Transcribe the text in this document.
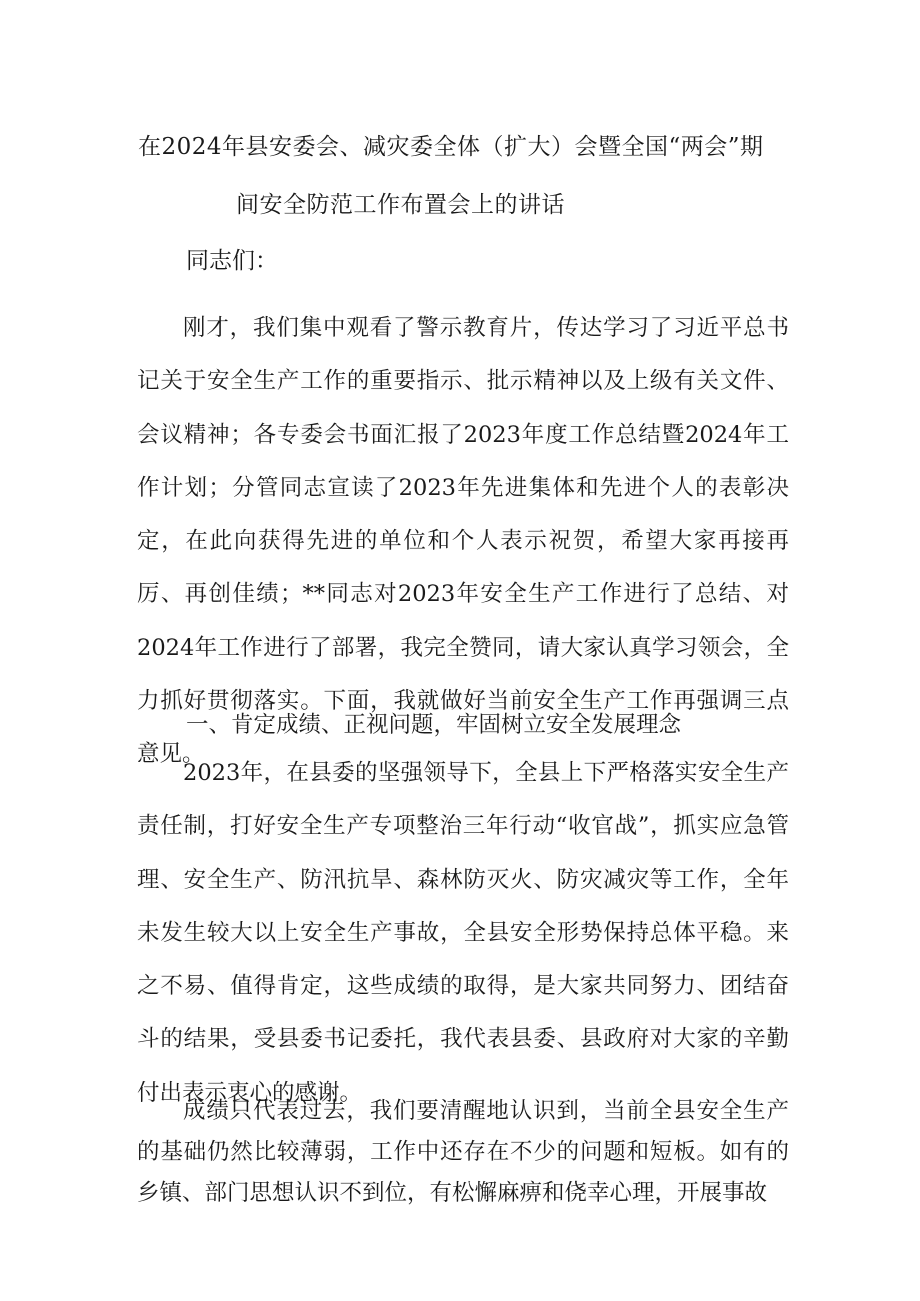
在2024年县安委会、减灾委全体（扩大）会暨全国“两会”期
间安全防范工作布置会上的讲话
同志们：
刚才，我们集中观看了警示教育片，传达学习了习近平总书记关于安全生产工作的重要指示、批示精神以及上级有关文件、会议精神；各专委会书面汇报了2023年度工作总结暨2024年工作计划；分管同志宣读了2023年先进集体和先进个人的表彰决定，在此向获得先进的单位和个人表示祝贺，希望大家再接再厉、再创佳绩；**同志对2023年安全生产工作进行了总结、对2024年工作进行了部署，我完全赞同，请大家认真学习领会，全力抓好贯彻落实。下面，我就做好当前安全生产工作再强调三点意见。
一、肯定成绩、正视问题，牢固树立安全发展理念
2023年，在县委的坚强领导下，全县上下严格落实安全生产责任制，打好安全生产专项整治三年行动“收官战”，抓实应急管理、安全生产、防汛抗旱、森林防灭火、防灾减灾等工作，全年未发生较大以上安全生产事故，全县安全形势保持总体平稳。来之不易、值得肯定，这些成绩的取得，是大家共同努力、团结奋斗的结果，受县委书记委托，我代表县委、县政府对大家的辛勤付出表示衷心的感谢。
成绩只代表过去，我们要清醒地认识到，当前全县安全生产的基础仍然比较薄弱，工作中还存在不少的问题和短板。如有的乡镇、部门思想认识不到位，有松懈麻痹和侥幸心理，开展事故
